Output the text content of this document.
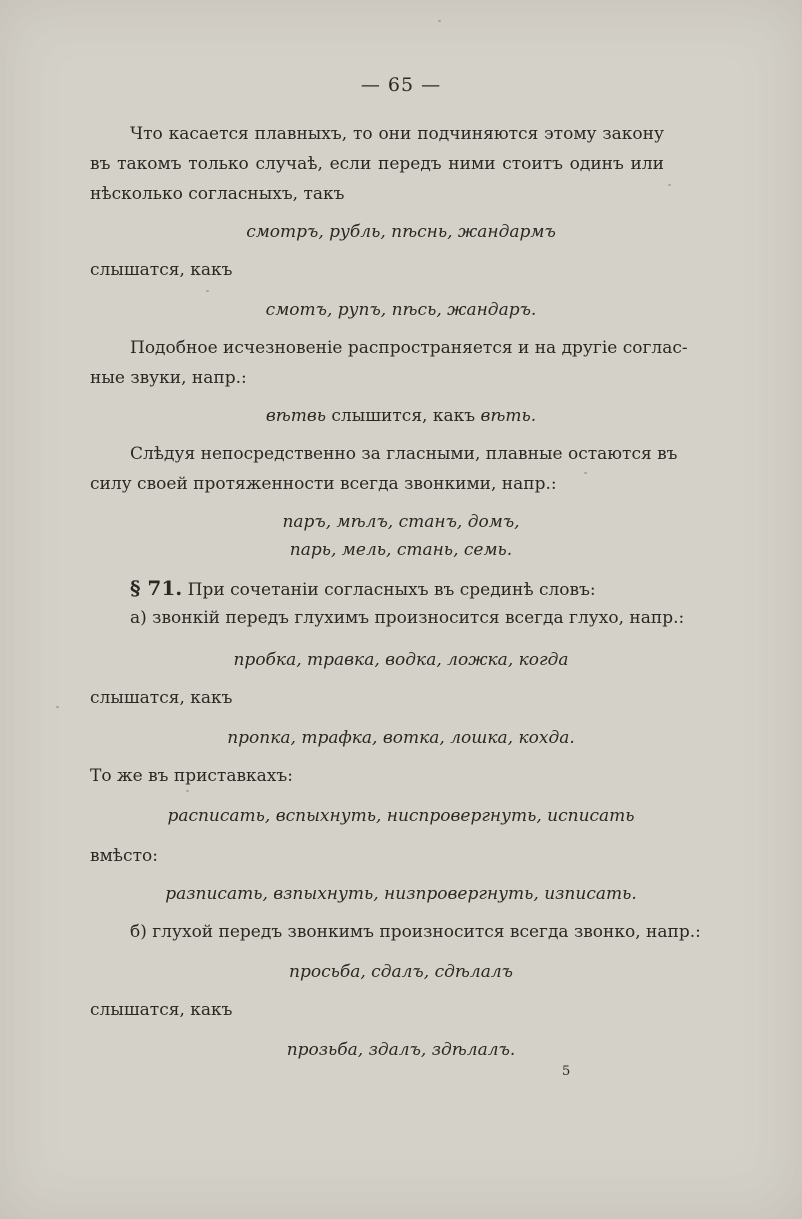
— 65 —
Что касается плавныхъ, то они подчиняются этому закону
въ такомъ только случаѣ, если передъ ними стоитъ одинъ или
нѣсколько согласныхъ, такъ
смотръ, рубль, пѣснь, жандармъ
слышатся, какъ
смотъ, рупъ, пѣсь, жандаръ.
Подобное исчезновеніе распространяется и на другіе соглас-
ные звуки, напр.:
вѣтвь слышится, какъ вѣть.
Слѣдуя непосредственно за гласными, плавные остаются въ
силу своей протяженности всегда звонкими, напр.:
паръ, мѣлъ, станъ, домъ,
парь, мель, стань, семь.
§ 71. При сочетаніи согласныхъ въ срединѣ словъ:
а) звонкій передъ глухимъ произносится всегда глухо, напр.:
пробка, травка, водка, ложка, когда
слышатся, какъ
пропка, трафка, вотка, лошка, кохда.
То же въ приставкахъ:
расписать, вспыхнуть, ниспровергнуть, исписать
вмѣсто:
разписать, взпыхнуть, низпровергнуть, изписать.
б) глухой передъ звонкимъ произносится всегда звонко, напр.:
просьба, сдалъ, сдѣлалъ
слышатся, какъ
прозьба, здалъ, здѣлалъ.
5
